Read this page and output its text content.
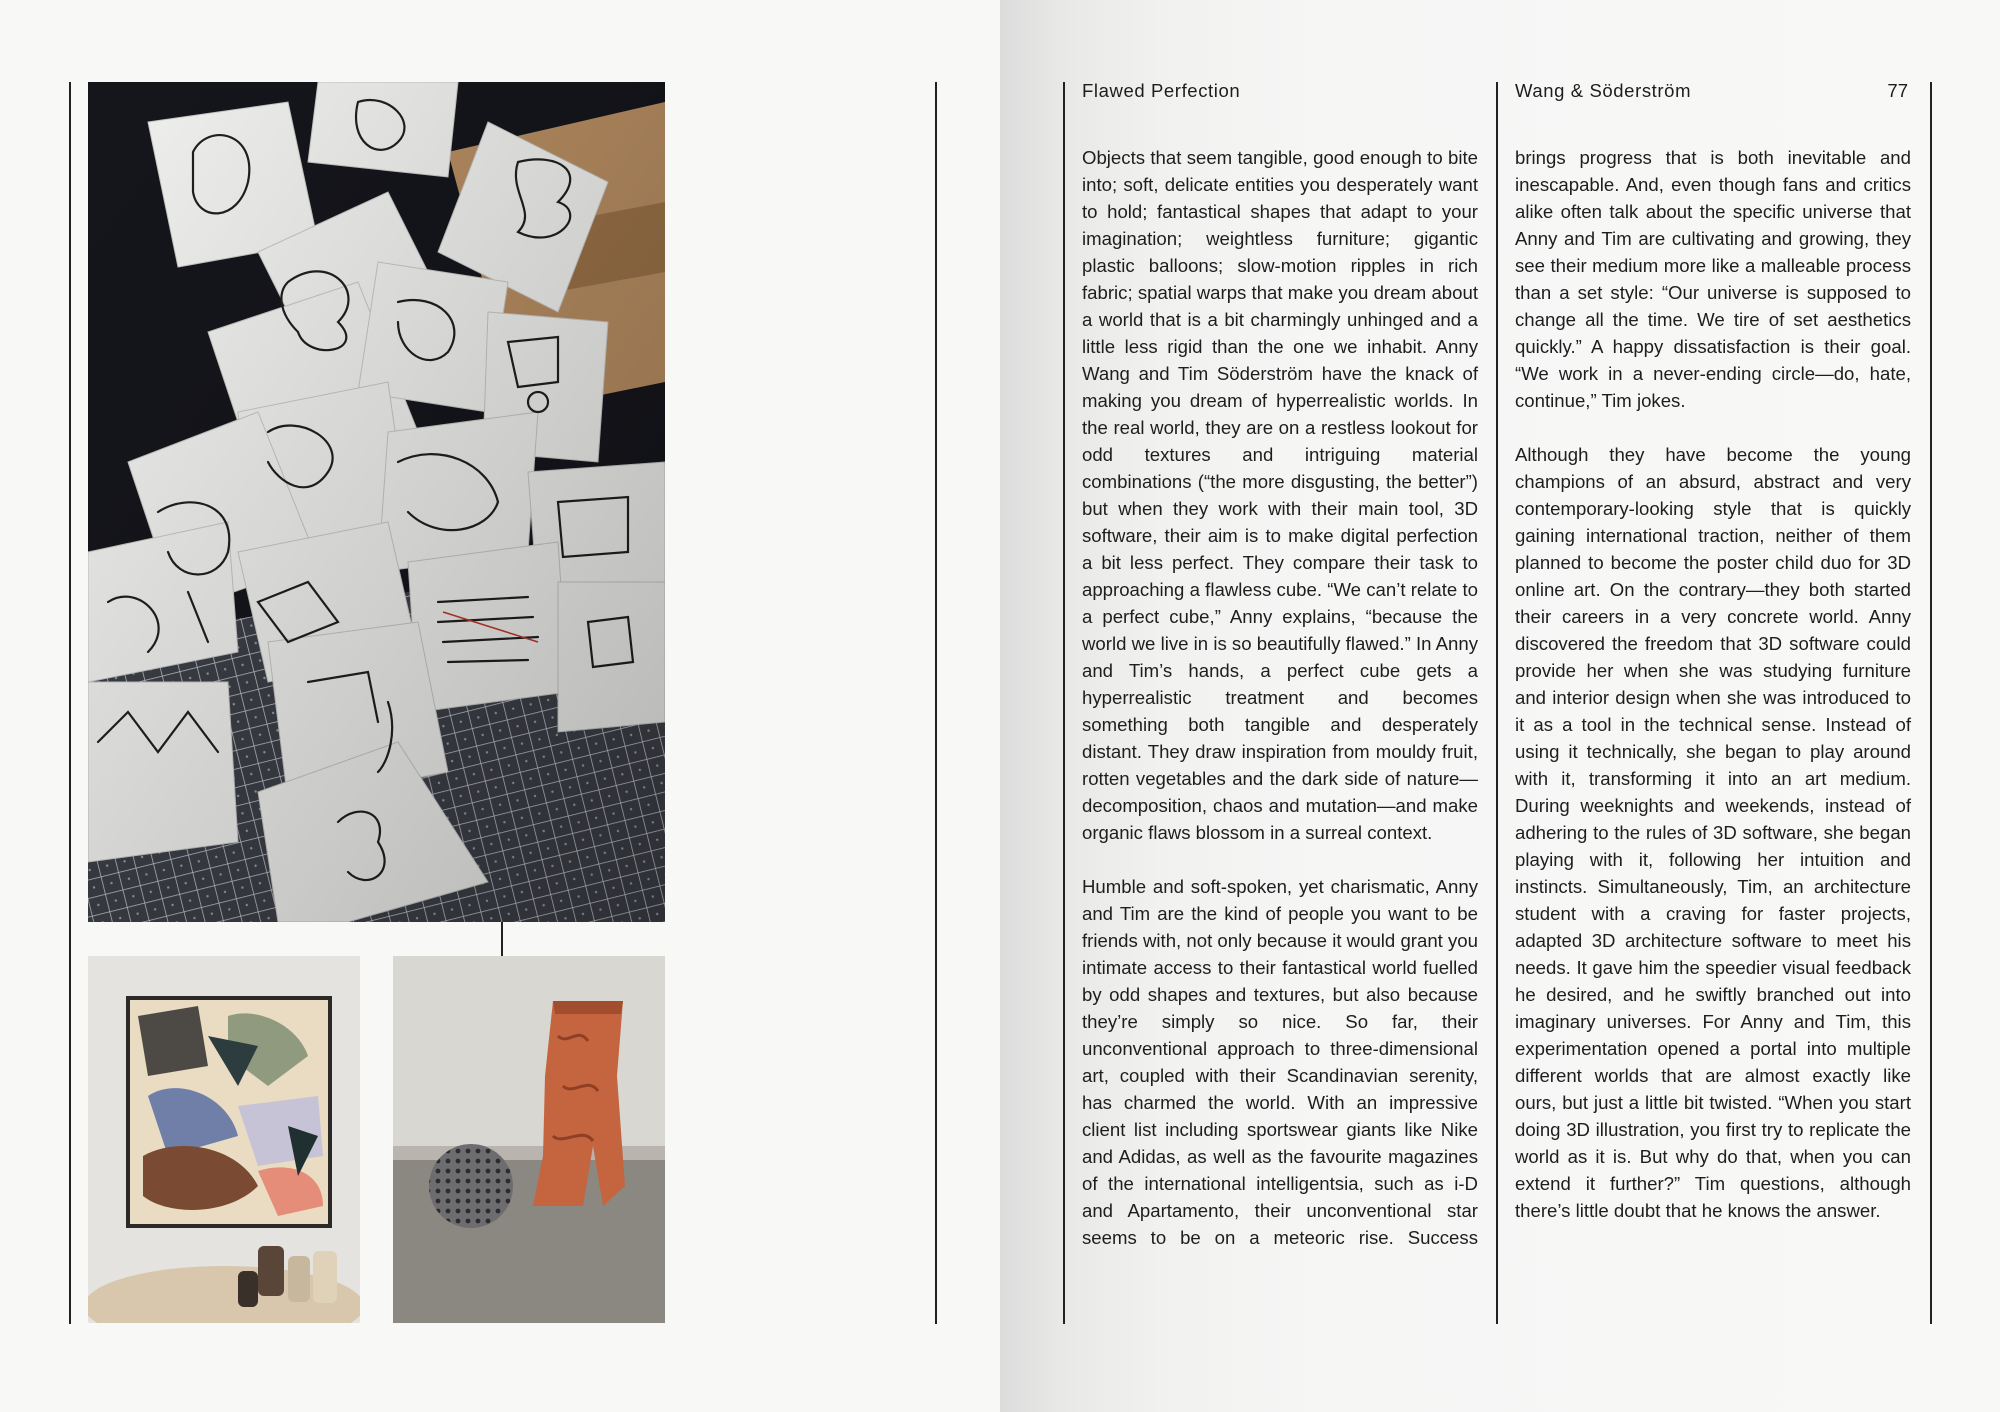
Flawed Perfection	Wang & Söderström	77

Objects that seem tangible, good enough to bite into; soft, delicate entities you desperately want to hold; fantastical shapes that adapt to your imagination; weightless furniture; gigantic plastic balloons; slow-motion ripples in rich fabric; spatial warps that make you dream about a world that is a bit charmingly unhinged and a little less rigid than the one we inhabit. Anny Wang and Tim Söderström have the knack of making you dream of hyperrealistic worlds. In the real world, they are on a restless lookout for odd textures and intriguing material combinations (“the more disgusting, the better”) but when they work with their main tool, 3D software, their aim is to make digital perfection a bit less perfect. They compare their task to approaching a flawless cube. “We can’t relate to a perfect cube,” Anny explains, “because the world we live in is so beautifully flawed.” In Anny and Tim’s hands, a perfect cube gets a hyperrealistic treatment and becomes something both tangible and desperately distant. They draw inspiration from mouldy fruit, rotten vegetables and the dark side of nature—decomposition, chaos and mutation—and make organic flaws blossom in a surreal context.

Humble and soft-spoken, yet charismatic, Anny and Tim are the kind of people you want to be friends with, not only because it would grant you intimate access to their fantastical world fuelled by odd shapes and textures, but also because they’re simply so nice. So far, their unconventional approach to three-dimensional art, coupled with their Scandinavian serenity, has charmed the world. With an impressive client list including sportswear giants like Nike and Adidas, as well as the favourite magazines of the international intelligentsia, such as i-D and Apartamento, their unconventional star seems to be on a meteoric rise. Success

brings progress that is both inevitable and inescapable. And, even though fans and critics alike often talk about the specific universe that Anny and Tim are cultivating and growing, they see their medium more like a malleable process than a set style: “Our universe is supposed to change all the time. We tire of set aesthetics quickly.” A happy dissatisfaction is their goal. “We work in a never-ending circle—do, hate, continue,” Tim jokes.

Although they have become the young champions of an absurd, abstract and very contemporary-looking style that is quickly gaining international traction, neither of them planned to become the poster child duo for 3D online art. On the contrary—they both started their careers in a very concrete world. Anny discovered the freedom that 3D software could provide her when she was studying furniture and interior design when she was introduced to it as a tool in the technical sense. Instead of using it technically, she began to play around with it, transforming it into an art medium. During weeknights and weekends, instead of adhering to the rules of 3D software, she began playing with it, following her intuition and instincts. Simultaneously, Tim, an architecture student with a craving for faster projects, adapted 3D architecture software to meet his needs. It gave him the speedier visual feedback he desired, and he swiftly branched out into imaginary universes. For Anny and Tim, this experimentation opened a portal into multiple different worlds that are almost exactly like ours, but just a little bit twisted. “When you start doing 3D illustration, you first try to replicate the world as it is. But why do that, when you can extend it further?” Tim questions, although there’s little doubt that he knows the answer.
